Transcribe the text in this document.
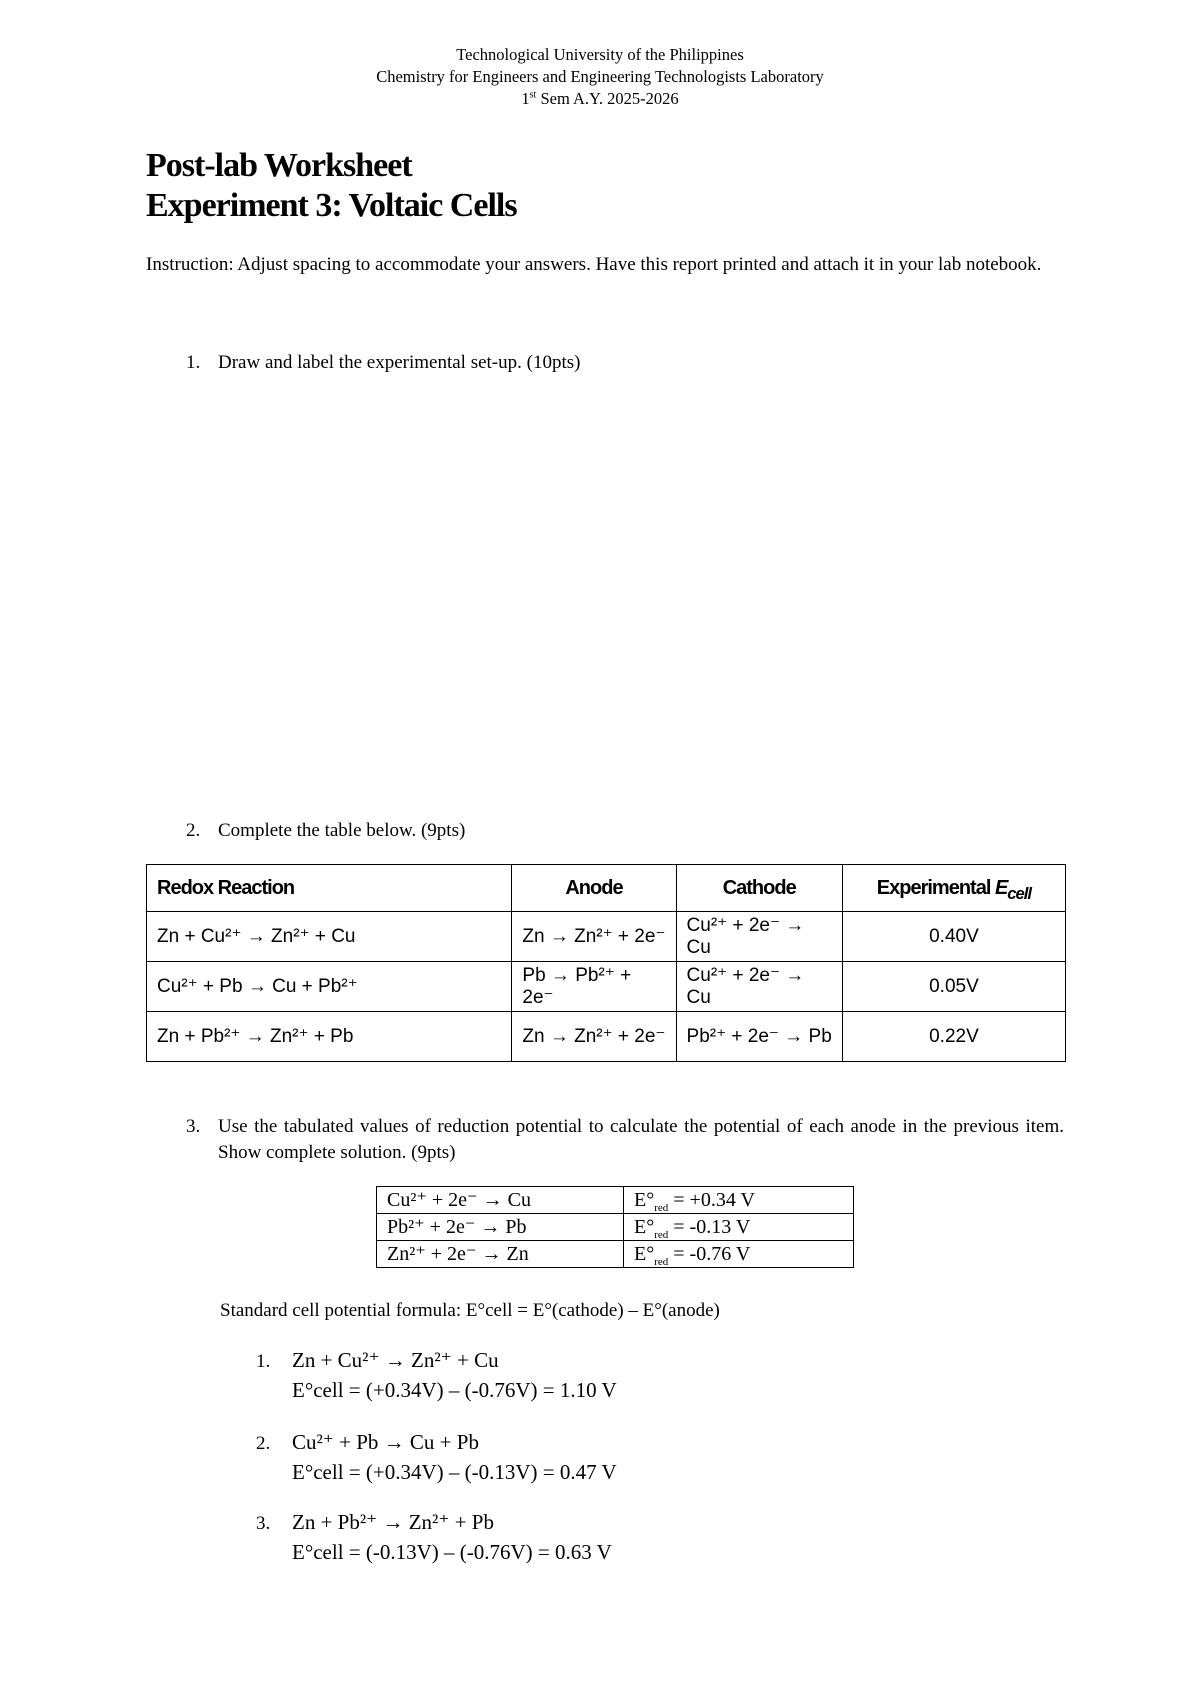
Technological University of the Philippines
Chemistry for Engineers and Engineering Technologists Laboratory
1st Sem A.Y. 2025-2026
Post-lab Worksheet
Experiment 3: Voltaic Cells
Instruction: Adjust spacing to accommodate your answers. Have this report printed and attach it in your lab notebook.
1. Draw and label the experimental set-up. (10pts)
2. Complete the table below. (9pts)
Redox Reaction	Anode	Cathode	Experimental $E_{cell}$
Zn + Cu²⁺ → Zn²⁺ + Cu	Zn → Zn²⁺ + 2e⁻	Cu²⁺ + 2e⁻ → Cu	0.40V
Cu²⁺ + Pb → Cu + Pb²⁺	Pb → Pb²⁺ + 2e⁻	Cu²⁺ + 2e⁻ → Cu	0.05V
Zn + Pb²⁺ → Zn²⁺ + Pb	Zn → Zn²⁺ + 2e⁻	Pb²⁺ + 2e⁻ → Pb	0.22V
3. Use the tabulated values of reduction potential to calculate the potential of each anode in the previous item. Show complete solution. (9pts)
Cu²⁺ + 2e⁻ → Cu	$E^\circ_{red} = +0.34$ V
Pb²⁺ + 2e⁻ → Pb	$E^\circ_{red} = -0.13$ V
Zn²⁺ + 2e⁻ → Zn	$E^\circ_{red} = -0.76$ V
Standard cell potential formula: E°cell = E°(cathode) – E°(anode)
1. Zn + Cu²⁺ → Zn²⁺ + Cu
E°cell = (+0.34V) – (-0.76V) = 1.10 V
2. Cu²⁺ + Pb → Cu + Pb
E°cell = (+0.34V) – (-0.13V) = 0.47 V
3. Zn + Pb²⁺ → Zn²⁺ + Pb
E°cell = (-0.13V) – (-0.76V) = 0.63 V
